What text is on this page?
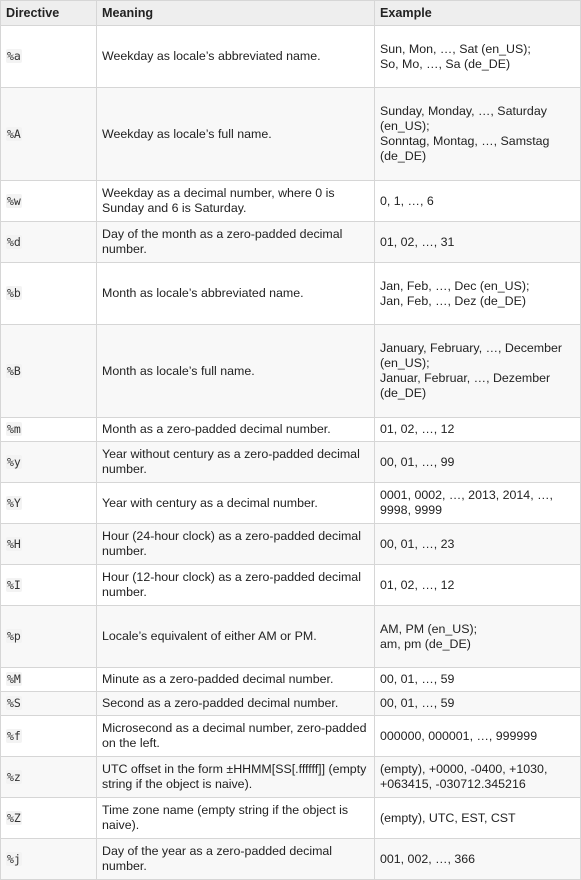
Directive	Meaning	Example
%a	Weekday as locale’s abbreviated name.	Sun, Mon, …, Sat (en_US);
So, Mo, …, Sa (de_DE)

%A	Weekday as locale’s full name.	Sunday, Monday, …, Saturday (en_US);
Sonntag, Montag, …, Samstag (de_DE)

%w	Weekday as a decimal number, where 0 is Sunday and 6 is Saturday.	0, 1, …, 6

%d	Day of the month as a zero-padded decimal number.	01, 02, …, 31

%b	Month as locale’s abbreviated name.	Jan, Feb, …, Dec (en_US);
Jan, Feb, …, Dez (de_DE)

%B	Month as locale’s full name.	January, February, …, December (en_US);
Januar, Februar, …, Dezember (de_DE)

%m	Month as a zero-padded decimal number.	01, 02, …, 12

%y	Year without century as a zero-padded decimal number.	00, 01, …, 99

%Y	Year with century as a decimal number.	0001, 0002, …, 2013, 2014, …, 9998, 9999

%H	Hour (24-hour clock) as a zero-padded decimal number.	00, 01, …, 23

%I	Hour (12-hour clock) as a zero-padded decimal number.	01, 02, …, 12

%p	Locale’s equivalent of either AM or PM.	AM, PM (en_US);
am, pm (de_DE)

%M	Minute as a zero-padded decimal number.	00, 01, …, 59

%S	Second as a zero-padded decimal number.	00, 01, …, 59

%f	Microsecond as a decimal number, zero-padded on the left.	000000, 000001, …, 999999

%z	UTC offset in the form ±HHMM[SS[.ffffff]] (empty string if the object is naive).	(empty), +0000, -0400, +1030, +063415, -030712.345216

%Z	Time zone name (empty string if the object is naive).	(empty), UTC, EST, CST

%j	Day of the year as a zero-padded decimal number.	001, 002, …, 366
